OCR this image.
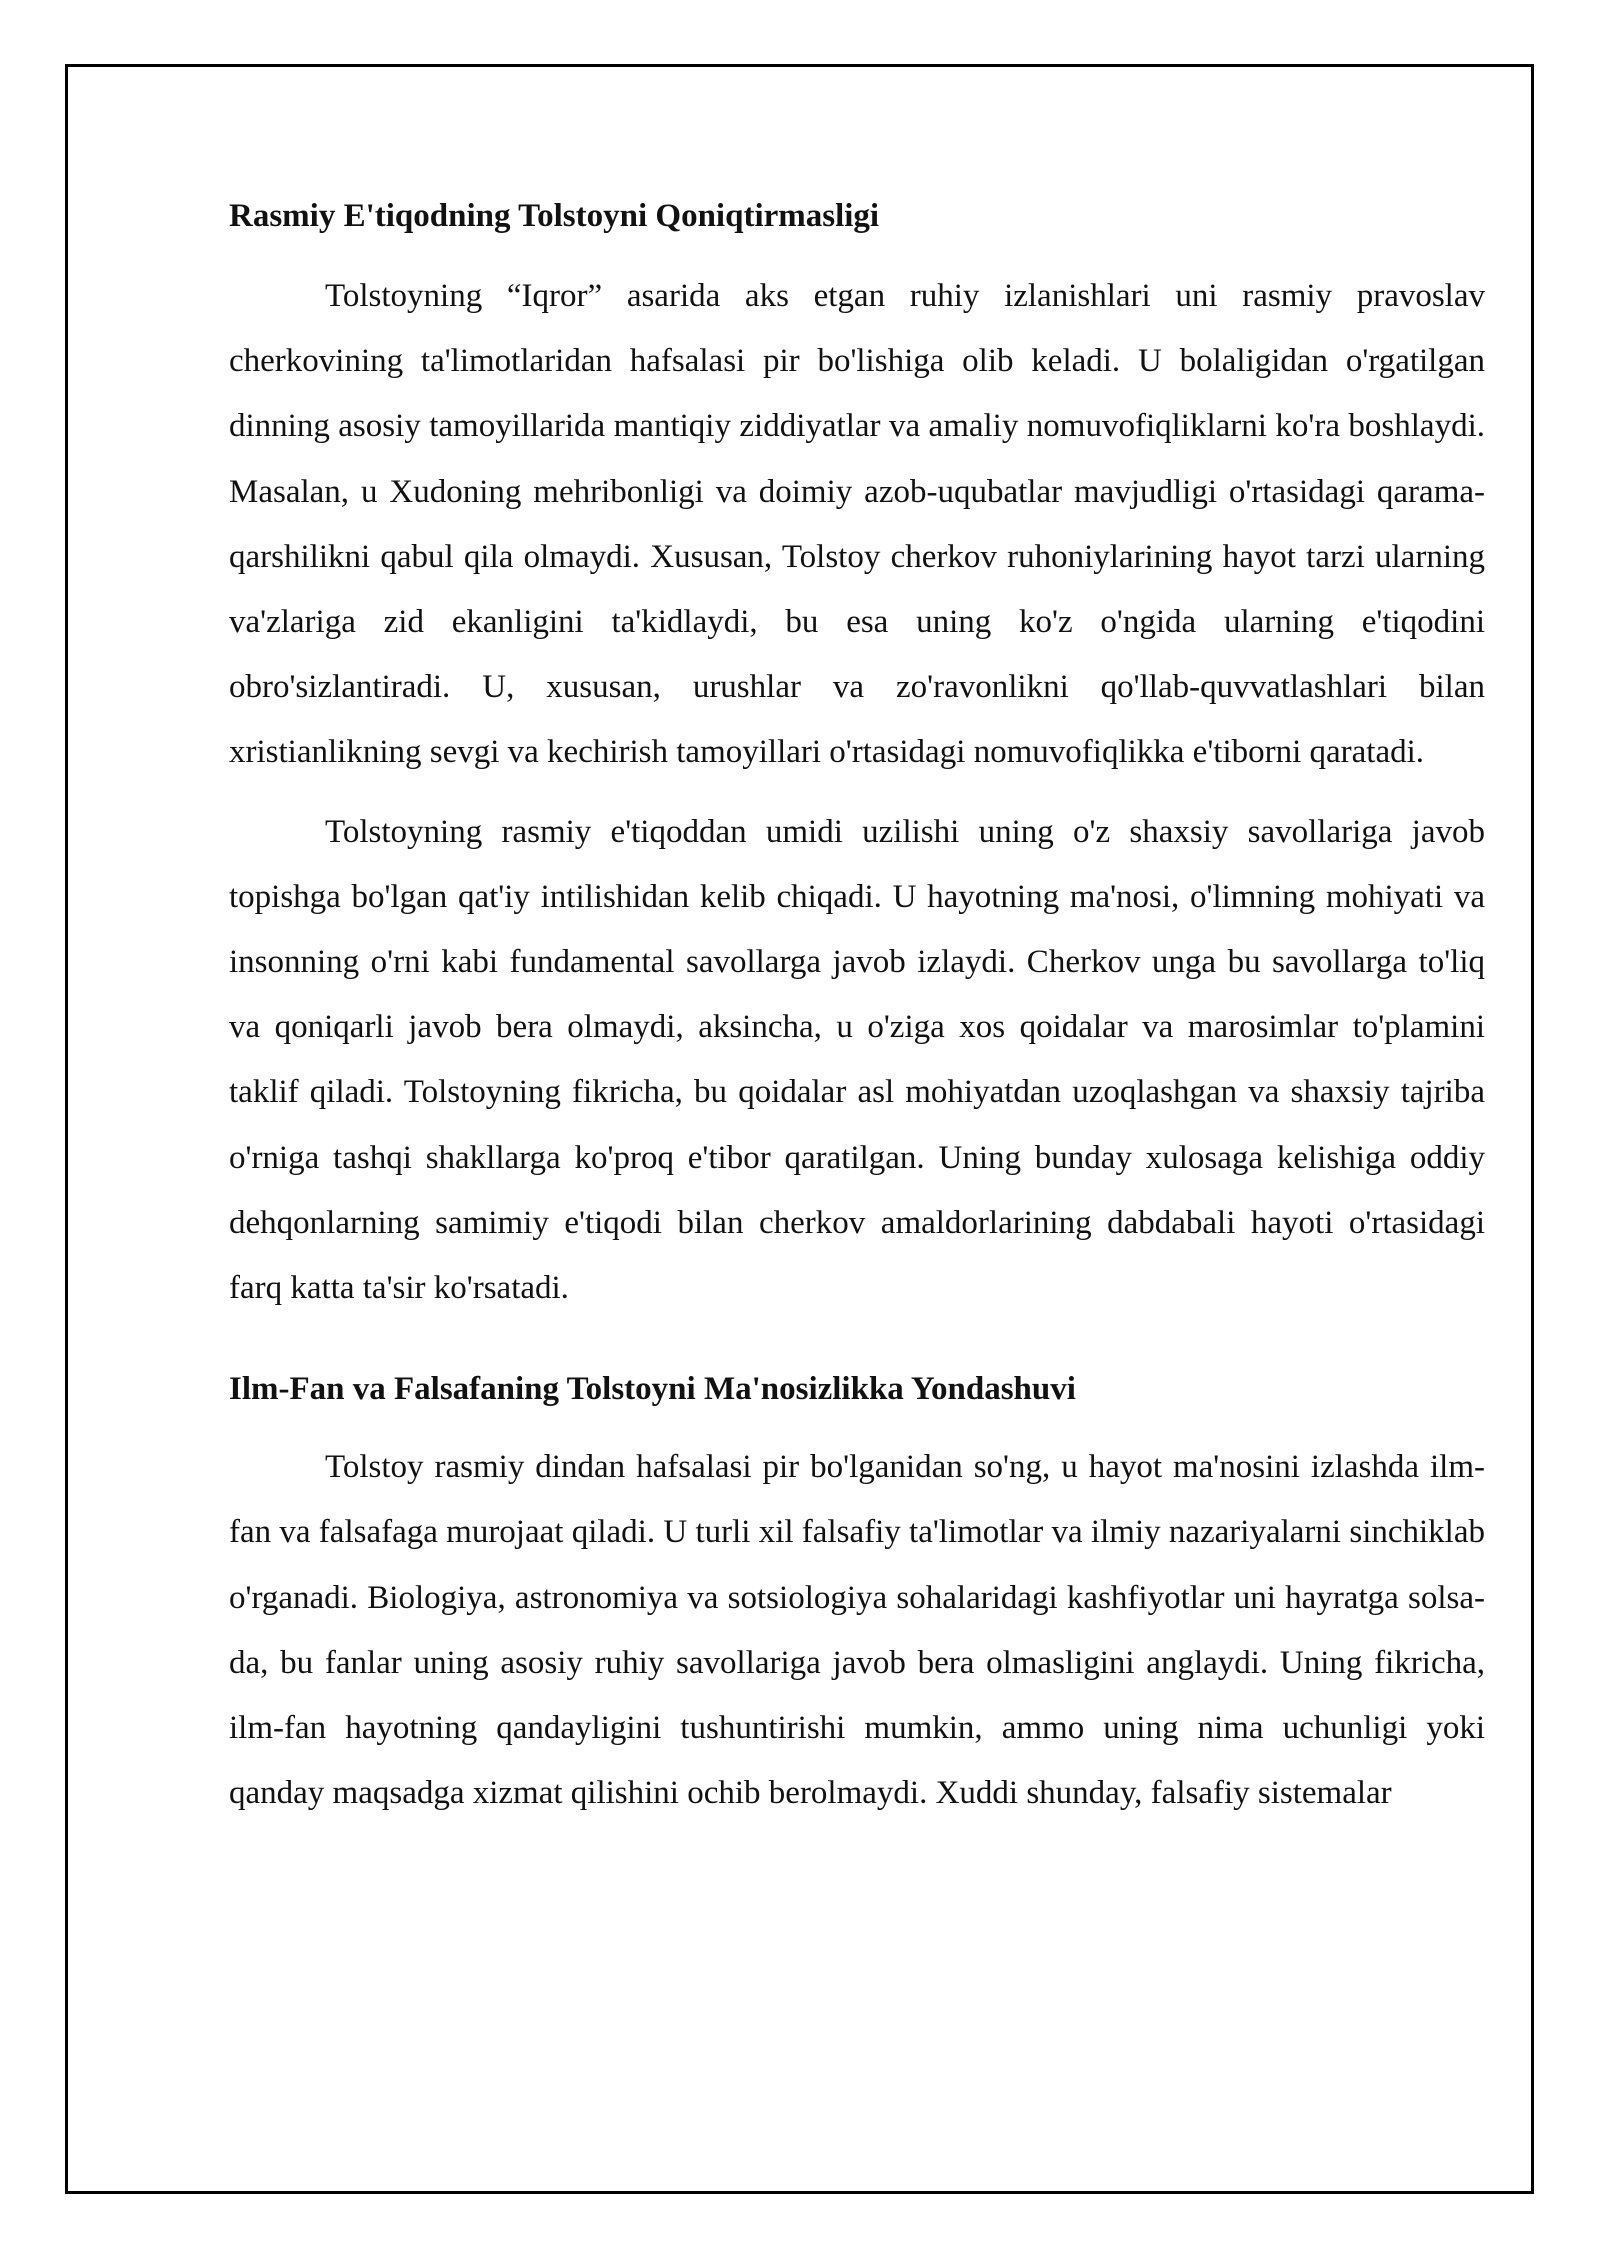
Rasmiy E'tiqodning Tolstoyni Qoniqtirmasligi

Tolstoyning “Iqror” asarida aks etgan ruhiy izlanishlari uni rasmiy pravoslav cherkovining ta'limotlaridan hafsalasi pir bo'lishiga olib keladi. U bolaligidan o'rgatilgan dinning asosiy tamoyillarida mantiqiy ziddiyatlar va amaliy nomuvofiqliklarni ko'ra boshlaydi. Masalan, u Xudoning mehribonligi va doimiy azob-uqubatlar mavjudligi o'rtasidagi qarama-qarshilikni qabul qila olmaydi. Xususan, Tolstoy cherkov ruhoniylarining hayot tarzi ularning va'zlariga zid ekanligini ta'kidlaydi, bu esa uning ko'z o'ngida ularning e'tiqodini obro'sizlantiradi. U, xususan, urushlar va zo'ravonlikni qo'llab-quvvatlashlari bilan xristianlikning sevgi va kechirish tamoyillari o'rtasidagi nomuvofiqlikka e'tiborni qaratadi.

Tolstoyning rasmiy e'tiqoddan umidi uzilishi uning o'z shaxsiy savollariga javob topishga bo'lgan qat'iy intilishidan kelib chiqadi. U hayotning ma'nosi, o'limning mohiyati va insonning o'rni kabi fundamental savollarga javob izlaydi. Cherkov unga bu savollarga to'liq va qoniqarli javob bera olmaydi, aksincha, u o'ziga xos qoidalar va marosimlar to'plamini taklif qiladi. Tolstoyning fikricha, bu qoidalar asl mohiyatdan uzoqlashgan va shaxsiy tajriba o'rniga tashqi shakllarga ko'proq e'tibor qaratilgan. Uning bunday xulosaga kelishiga oddiy dehqonlarning samimiy e'tiqodi bilan cherkov amaldorlarining dabdabali hayoti o'rtasidagi farq katta ta'sir ko'rsatadi.

Ilm-Fan va Falsafaning Tolstoyni Ma'nosizlikka Yondashuvi

Tolstoy rasmiy dindan hafsalasi pir bo'lganidan so'ng, u hayot ma'nosini izlashda ilm-fan va falsafaga murojaat qiladi. U turli xil falsafiy ta'limotlar va ilmiy nazariyalarni sinchiklab o'rganadi. Biologiya, astronomiya va sotsiologiya sohalaridagi kashfiyotlar uni hayratga solsa-da, bu fanlar uning asosiy ruhiy savollariga javob bera olmasligini anglaydi. Uning fikricha, ilm-fan hayotning qandayligini tushuntirishi mumkin, ammo uning nima uchunligi yoki qanday maqsadga xizmat qilishini ochib berolmaydi. Xuddi shunday, falsafiy sistemalar
